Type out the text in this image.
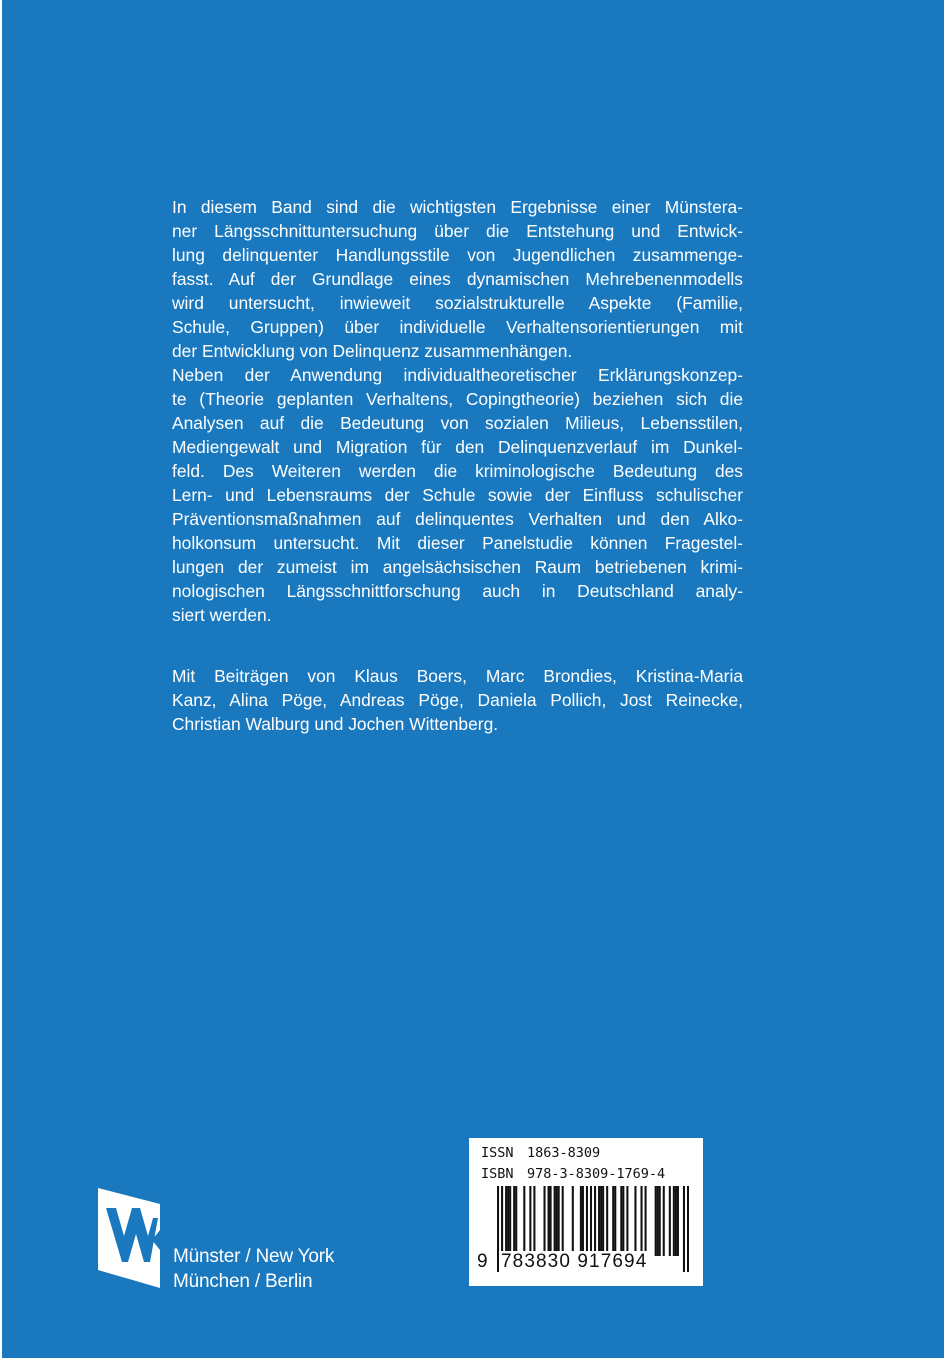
In diesem Band sind die wichtigsten Ergebnisse einer Münstera-
ner Längsschnittuntersuchung über die Entstehung und Entwick-
lung delinquenter Handlungsstile von Jugendlichen zusammenge-
fasst. Auf der Grundlage eines dynamischen Mehrebenenmodells
wird untersucht, inwieweit sozialstrukturelle Aspekte (Familie,
Schule, Gruppen) über individuelle Verhaltensorientierungen mit
der Entwicklung von Delinquenz zusammenhängen.
Neben der Anwendung individualtheoretischer Erklärungskonzep-
te (Theorie geplanten Verhaltens, Copingtheorie) beziehen sich die
Analysen auf die Bedeutung von sozialen Milieus, Lebensstilen,
Mediengewalt und Migration für den Delinquenzverlauf im Dunkel-
feld. Des Weiteren werden die kriminologische Bedeutung des
Lern- und Lebensraums der Schule sowie der Einfluss schulischer
Präventionsmaßnahmen auf delinquentes Verhalten und den Alko-
holkonsum untersucht. Mit dieser Panelstudie können Fragestel-
lungen der zumeist im angelsächsischen Raum betriebenen krimi-
nologischen Längsschnittforschung auch in Deutschland analy-
siert werden.
Mit Beiträgen von Klaus Boers, Marc Brondies, Kristina-Maria
Kanz, Alina Pöge, Andreas Pöge, Daniela Pollich, Jost Reinecke,
Christian Walburg und Jochen Wittenberg.
Münster / New York
München / Berlin
ISSN 1863-8309
ISBN 978-3-8309-1769-4
9 783830 917694
